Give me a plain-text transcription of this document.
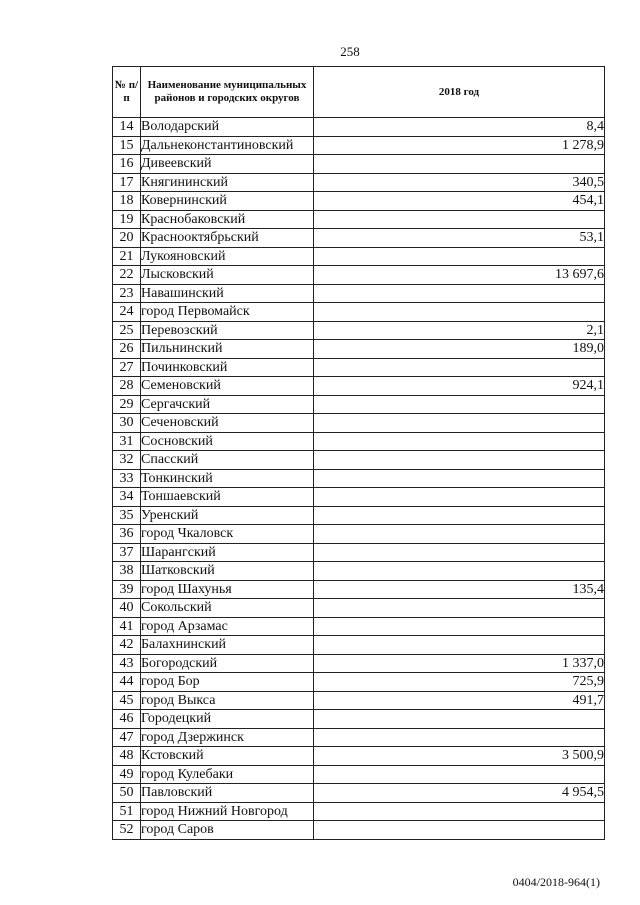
258
№ п/п	Наименование муниципальных районов и городских округов	2018 год
14	Володарский	8,4
15	Дальнеконстантиновский	1 278,9
16	Дивеевский	
17	Княгининский	340,5
18	Ковернинский	454,1
19	Краснобаковский	
20	Краснооктябрьский	53,1
21	Лукояновский	
22	Лысковский	13 697,6
23	Навашинский	
24	город Первомайск	
25	Перевозский	2,1
26	Пильнинский	189,0
27	Починковский	
28	Семеновский	924,1
29	Сергачский	
30	Сеченовский	
31	Сосновский	
32	Спасский	
33	Тонкинский	
34	Тоншаевский	
35	Уренский	
36	город Чкаловск	
37	Шарангский	
38	Шатковский	
39	город Шахунья	135,4
40	Сокольский	
41	город Арзамас	
42	Балахнинский	
43	Богородский	1 337,0
44	город Бор	725,9
45	город Выкса	491,7
46	Городецкий	
47	город Дзержинск	
48	Кстовский	3 500,9
49	город Кулебаки	
50	Павловский	4 954,5
51	город Нижний Новгород	
52	город Саров	
0404/2018-964(1)
